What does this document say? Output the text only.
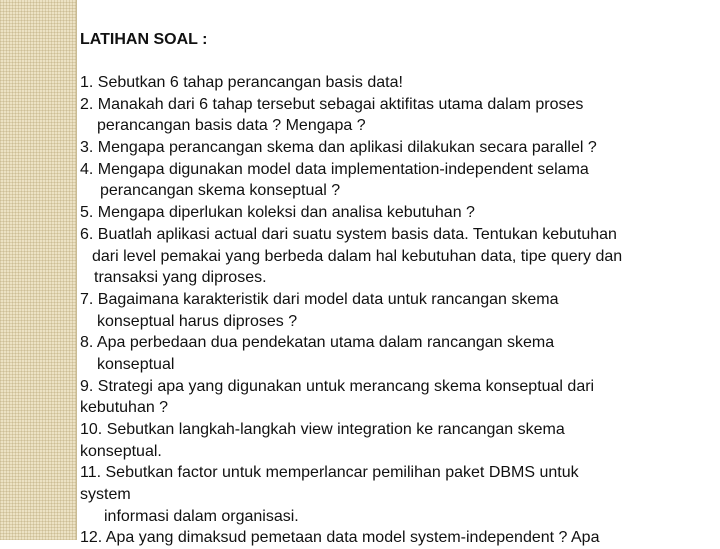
LATIHAN SOAL :
1. Sebutkan 6 tahap perancangan basis data!
2. Manakah dari 6 tahap tersebut sebagai aktifitas utama dalam proses
perancangan basis data ? Mengapa ?
3. Mengapa perancangan skema dan aplikasi dilakukan secara parallel ?
4. Mengapa digunakan model data implementation-independent selama
perancangan skema konseptual ?
5. Mengapa diperlukan koleksi dan analisa kebutuhan ?
6. Buatlah aplikasi actual dari suatu system basis data. Tentukan kebutuhan
dari level pemakai yang berbeda dalam hal kebutuhan data, tipe query dan
transaksi yang diproses.
7. Bagaimana karakteristik dari model data untuk rancangan skema
konseptual harus diproses ?
8. Apa perbedaan dua pendekatan utama dalam rancangan skema
konseptual
9. Strategi apa yang digunakan untuk merancang skema konseptual dari
kebutuhan ?
10. Sebutkan langkah-langkah view integration ke rancangan skema
konseptual.
11. Sebutkan factor untuk memperlancar pemilihan paket DBMS untuk
system
informasi dalam organisasi.
12. Apa yang dimaksud pemetaan data model system-independent ? Apa
